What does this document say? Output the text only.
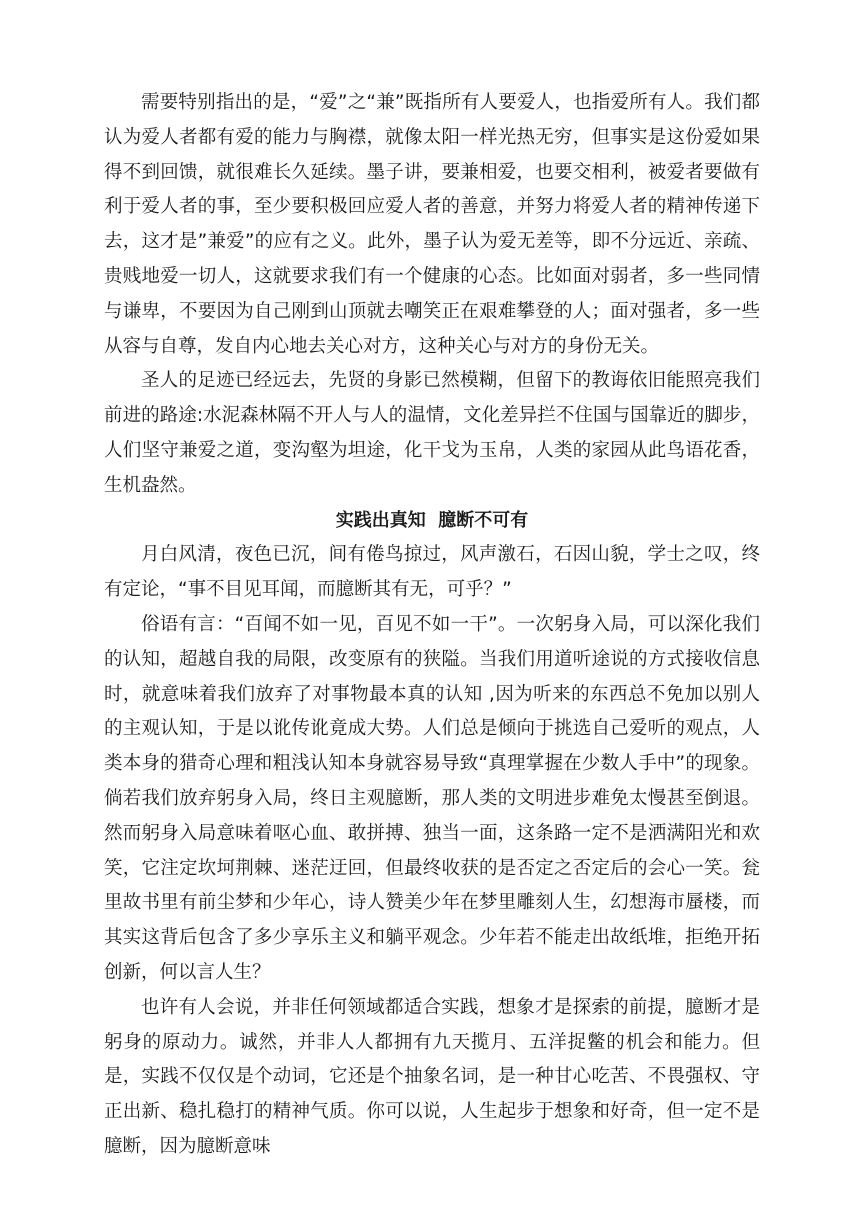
需要特别指出的是，“爱”之“兼”既指所有人要爱人，也指爱所有人。我们都认为爱人者都有爱的能力与胸襟，就像太阳一样光热无穷，但事实是这份爱如果得不到回馈，就很难长久延续。墨子讲，要兼相爱，也要交相利，被爱者要做有利于爱人者的事，至少要积极回应爱人者的善意，并努力将爱人者的精神传递下去，这才是”兼爱”的应有之义。此外，墨子认为爱无差等，即不分远近、亲疏、贵贱地爱一切人，这就要求我们有一个健康的心态。比如面对弱者，多一些同情与谦卑，不要因为自己刚到山顶就去嘲笑正在艰难攀登的人；面对强者，多一些从容与自尊，发自内心地去关心对方，这种关心与对方的身份无关。

圣人的足迹已经远去，先贤的身影已然模糊，但留下的教诲依旧能照亮我们前进的路途:水泥森林隔不开人与人的温情，文化差异拦不住国与国靠近的脚步，人们坚守兼爱之道，变沟壑为坦途，化干戈为玉帛，人类的家园从此鸟语花香，生机盎然。

实践出真知  臆断不可有

月白风清，夜色已沉，间有倦鸟掠过，风声激石，石因山貌，学士之叹，终有定论，“事不目见耳闻，而臆断其有无，可乎？”

俗语有言：“百闻不如一见，百见不如一干”。一次躬身入局，可以深化我们的认知，超越自我的局限，改变原有的狭隘。当我们用道听途说的方式接收信息时，就意味着我们放弃了对事物最本真的认知 ,因为听来的东西总不免加以别人的主观认知，于是以讹传讹竟成大势。人们总是倾向于挑选自己爱听的观点，人类本身的猎奇心理和粗浅认知本身就容易导致“真理掌握在少数人手中”的现象。倘若我们放弃躬身入局，终日主观臆断，那人类的文明进步难免太慢甚至倒退。然而躬身入局意味着呕心血、敢拼搏、独当一面，这条路一定不是洒满阳光和欢笑，它注定坎坷荆棘、迷茫迂回，但最终收获的是否定之否定后的会心一笑。瓮里故书里有前尘梦和少年心，诗人赞美少年在梦里雕刻人生，幻想海市蜃楼，而其实这背后包含了多少享乐主义和躺平观念。少年若不能走出故纸堆，拒绝开拓创新，何以言人生？

也许有人会说，并非任何领域都适合实践，想象才是探索的前提，臆断才是躬身的原动力。诚然，并非人人都拥有九天揽月、五洋捉鳖的机会和能力。但是，实践不仅仅是个动词，它还是个抽象名词，是一种甘心吃苦、不畏强权、守正出新、稳扎稳打的精神气质。你可以说，人生起步于想象和好奇，但一定不是臆断，因为臆断意味
